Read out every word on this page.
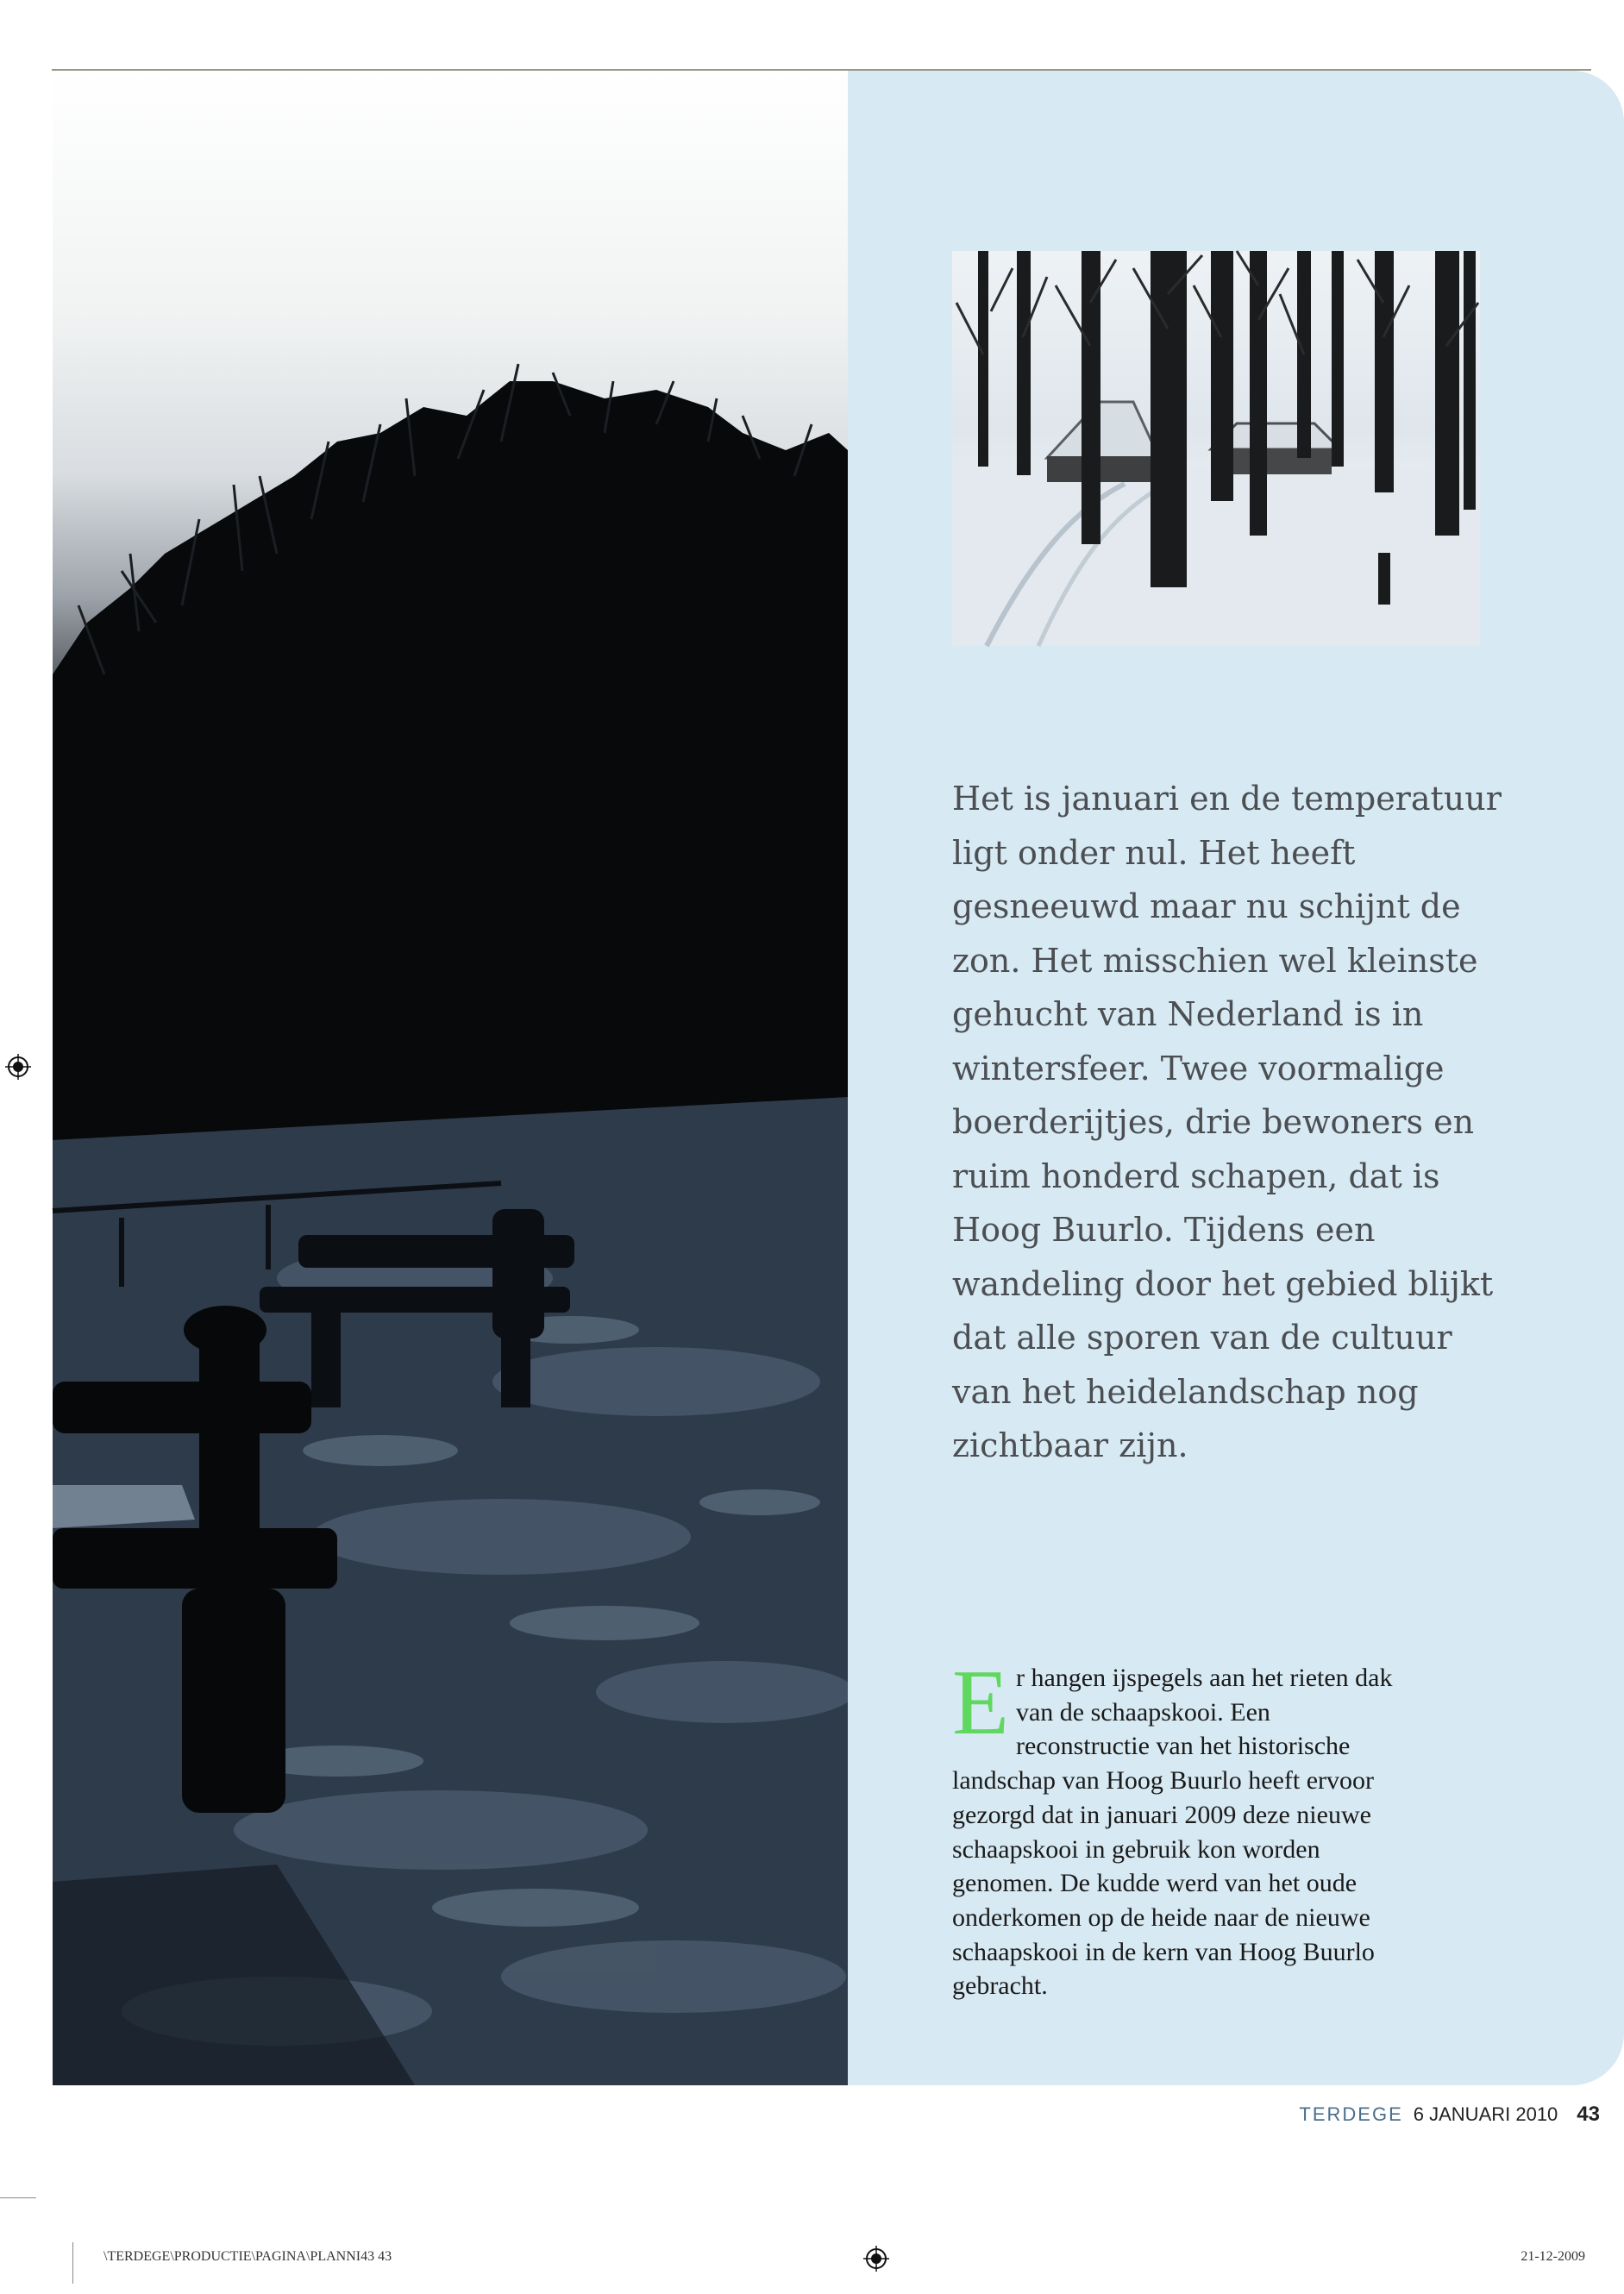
Het is januari en de temperatuur ligt onder nul. Het heeft gesneeuwd maar nu schijnt de zon. Het misschien wel kleinste gehucht van Nederland is in wintersfeer. Twee voormalige boerderijtjes, drie bewoners en ruim honderd schapen, dat is Hoog Buurlo. Tijdens een wandeling door het gebied blijkt dat alle sporen van de cultuur van het heidelandschap nog zichtbaar zijn.

Er hangen ijspegels aan het rieten dak van de schaapskooi. Een reconstructie van het historische landschap van Hoog Buurlo heeft ervoor gezorgd dat in januari 2009 deze nieuwe schaapskooi in gebruik kon worden genomen. De kudde werd van het oude onderkomen op de heide naar de nieuwe schaapskooi in de kern van Hoog Buurlo gebracht.

TERDEGE 6 JANUARI 2010 43
\TERDEGE\PRODUCTIE\PAGINA\PLANNI43 43	21-12-2009
